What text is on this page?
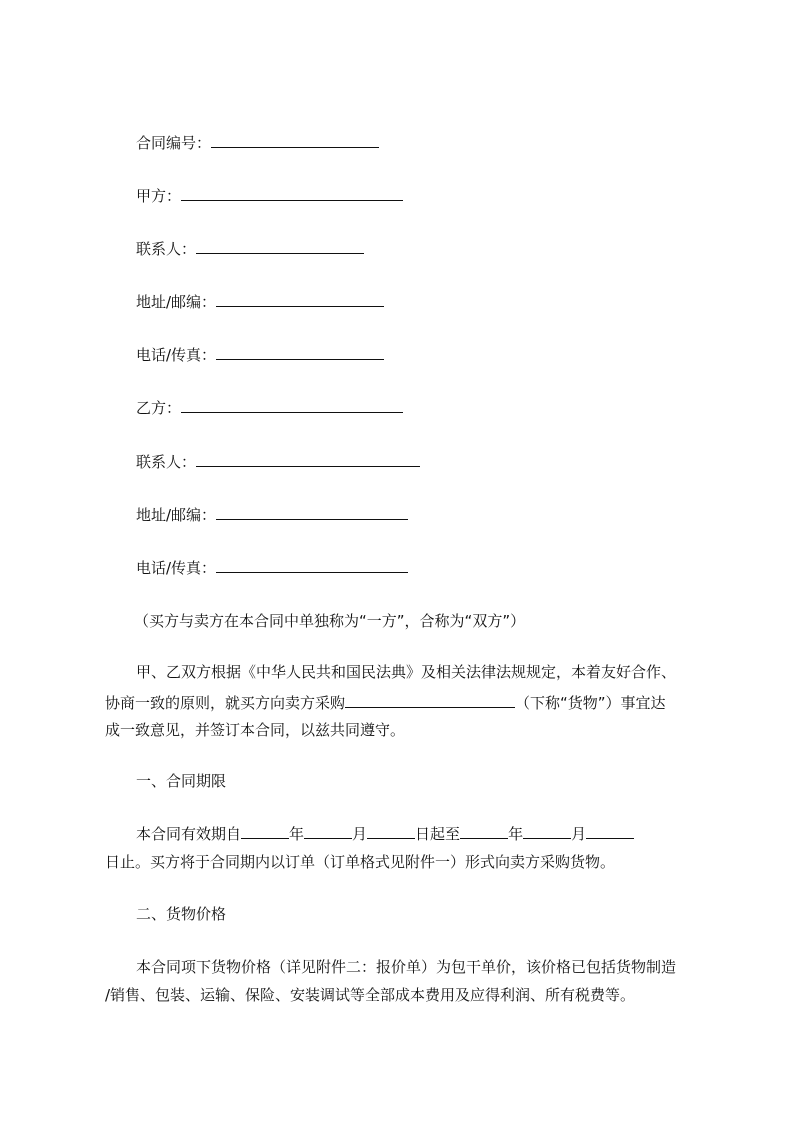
合同编号：
甲方：
联系人：
地址/邮编：
电话/传真：
乙方：
联系人：
地址/邮编：
电话/传真：
（买方与卖方在本合同中单独称为“一方”，合称为“双方”）
甲、乙双方根据《中华人民共和国民法典》及相关法律法规规定，本着友好合作、
协商一致的原则，就买方向卖方采购	（下称“货物”）事宜达
成一致意见，并签订本合同，以兹共同遵守。
一、合同期限
本合同有效期自	年	月	日起至	年	月
日止。买方将于合同期内以订单（订单格式见附件一）形式向卖方采购货物。
二、货物价格
本合同项下货物价格（详见附件二：报价单）为包干单价，该价格已包括货物制造
/销售、包装、运输、保险、安装调试等全部成本费用及应得利润、所有税费等。
